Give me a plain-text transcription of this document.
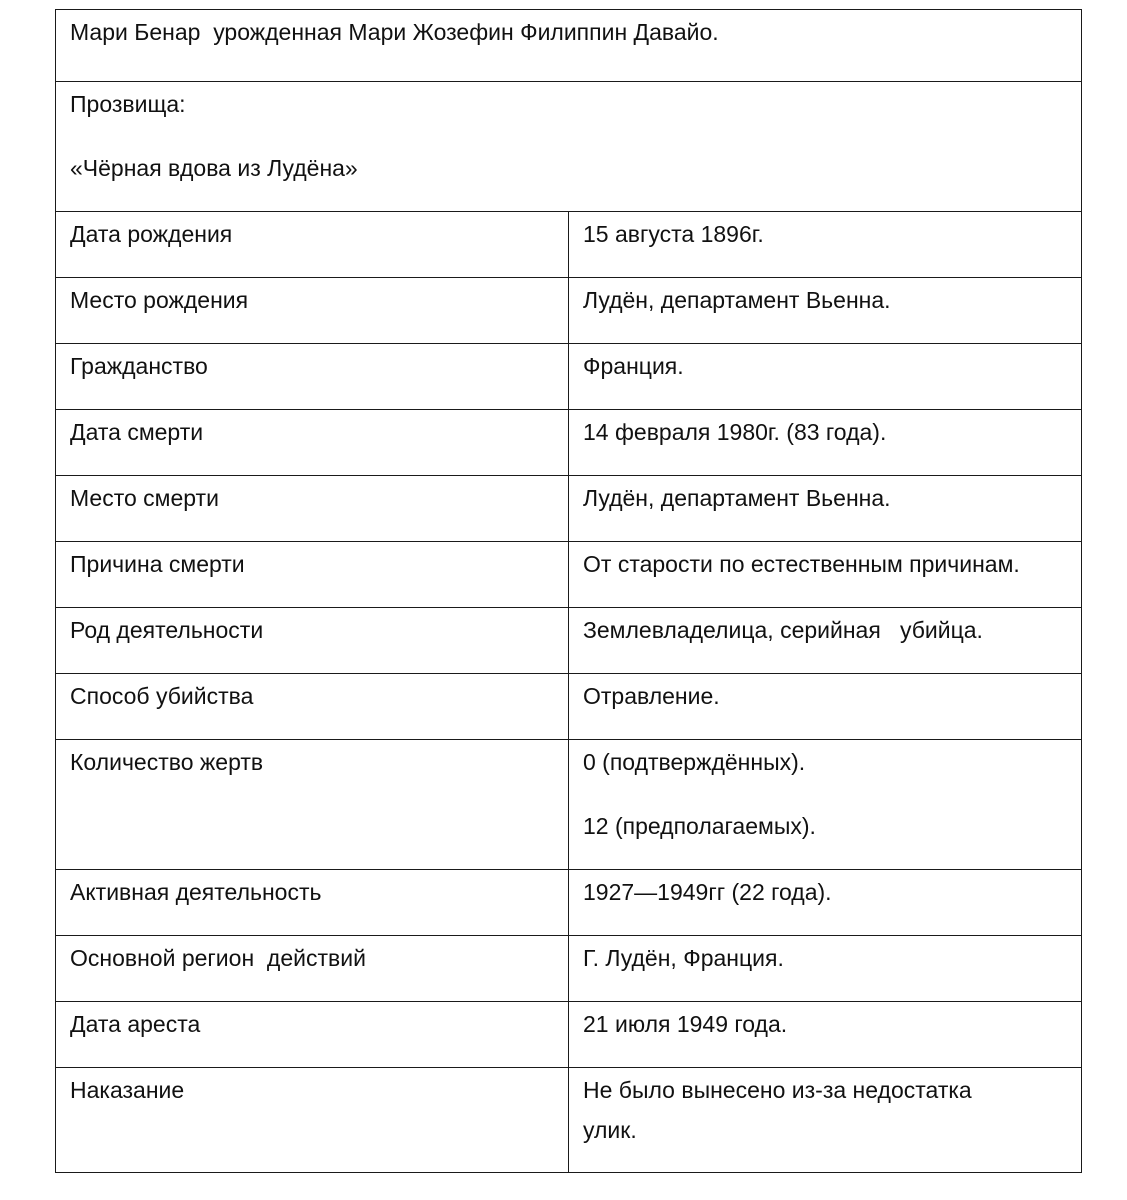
Мари Бенар  урожденная Мари Жозефин Филиппин Давайо.	

Прозвища:
«Чёрная вдова из Лудёна»	

Дата рождения	15 августа 1896г.
Место рождения	Лудён, департамент Вьенна.
Гражданство	Франция.
Дата смерти	14 февраля 1980г. (83 года).
Место смерти	Лудён, департамент Вьенна.
Причина смерти	От старости по естественным причинам.
Род деятельности	Землевладелица, серийная   убийца.
Способ убийства	Отравление.
Количество жертв	0 (подтверждённых).
12 (предполагаемых).

Активная деятельность	1927—1949гг (22 года).
Основной регион  действий	Г. Лудён, Франция.
Дата ареста	21 июля 1949 года.
Наказание	Не было вынесено из-за недостатка
улик.
